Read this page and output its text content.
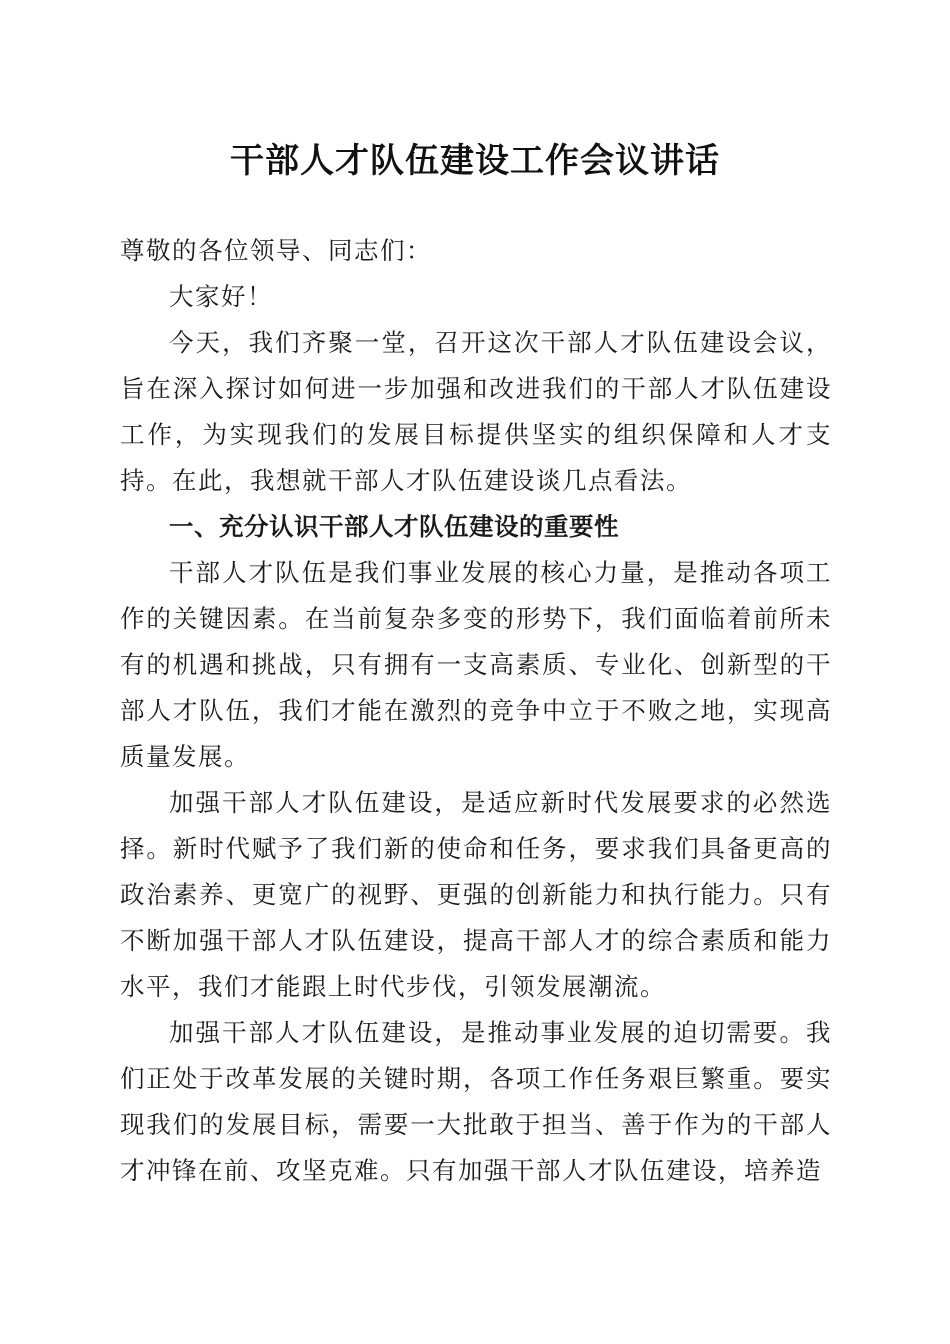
干部人才队伍建设工作会议讲话

尊敬的各位领导、同志们：

大家好！

今天，我们齐聚一堂，召开这次干部人才队伍建设会议，旨在深入探讨如何进一步加强和改进我们的干部人才队伍建设工作，为实现我们的发展目标提供坚实的组织保障和人才支持。在此，我想就干部人才队伍建设谈几点看法。

一、充分认识干部人才队伍建设的重要性

干部人才队伍是我们事业发展的核心力量，是推动各项工作的关键因素。在当前复杂多变的形势下，我们面临着前所未有的机遇和挑战，只有拥有一支高素质、专业化、创新型的干部人才队伍，我们才能在激烈的竞争中立于不败之地，实现高质量发展。

加强干部人才队伍建设，是适应新时代发展要求的必然选择。新时代赋予了我们新的使命和任务，要求我们具备更高的政治素养、更宽广的视野、更强的创新能力和执行能力。只有不断加强干部人才队伍建设，提高干部人才的综合素质和能力水平，我们才能跟上时代步伐，引领发展潮流。

加强干部人才队伍建设，是推动事业发展的迫切需要。我们正处于改革发展的关键时期，各项工作任务艰巨繁重。要实现我们的发展目标，需要一大批敢于担当、善于作为的干部人才冲锋在前、攻坚克难。只有加强干部人才队伍建设，培养造
